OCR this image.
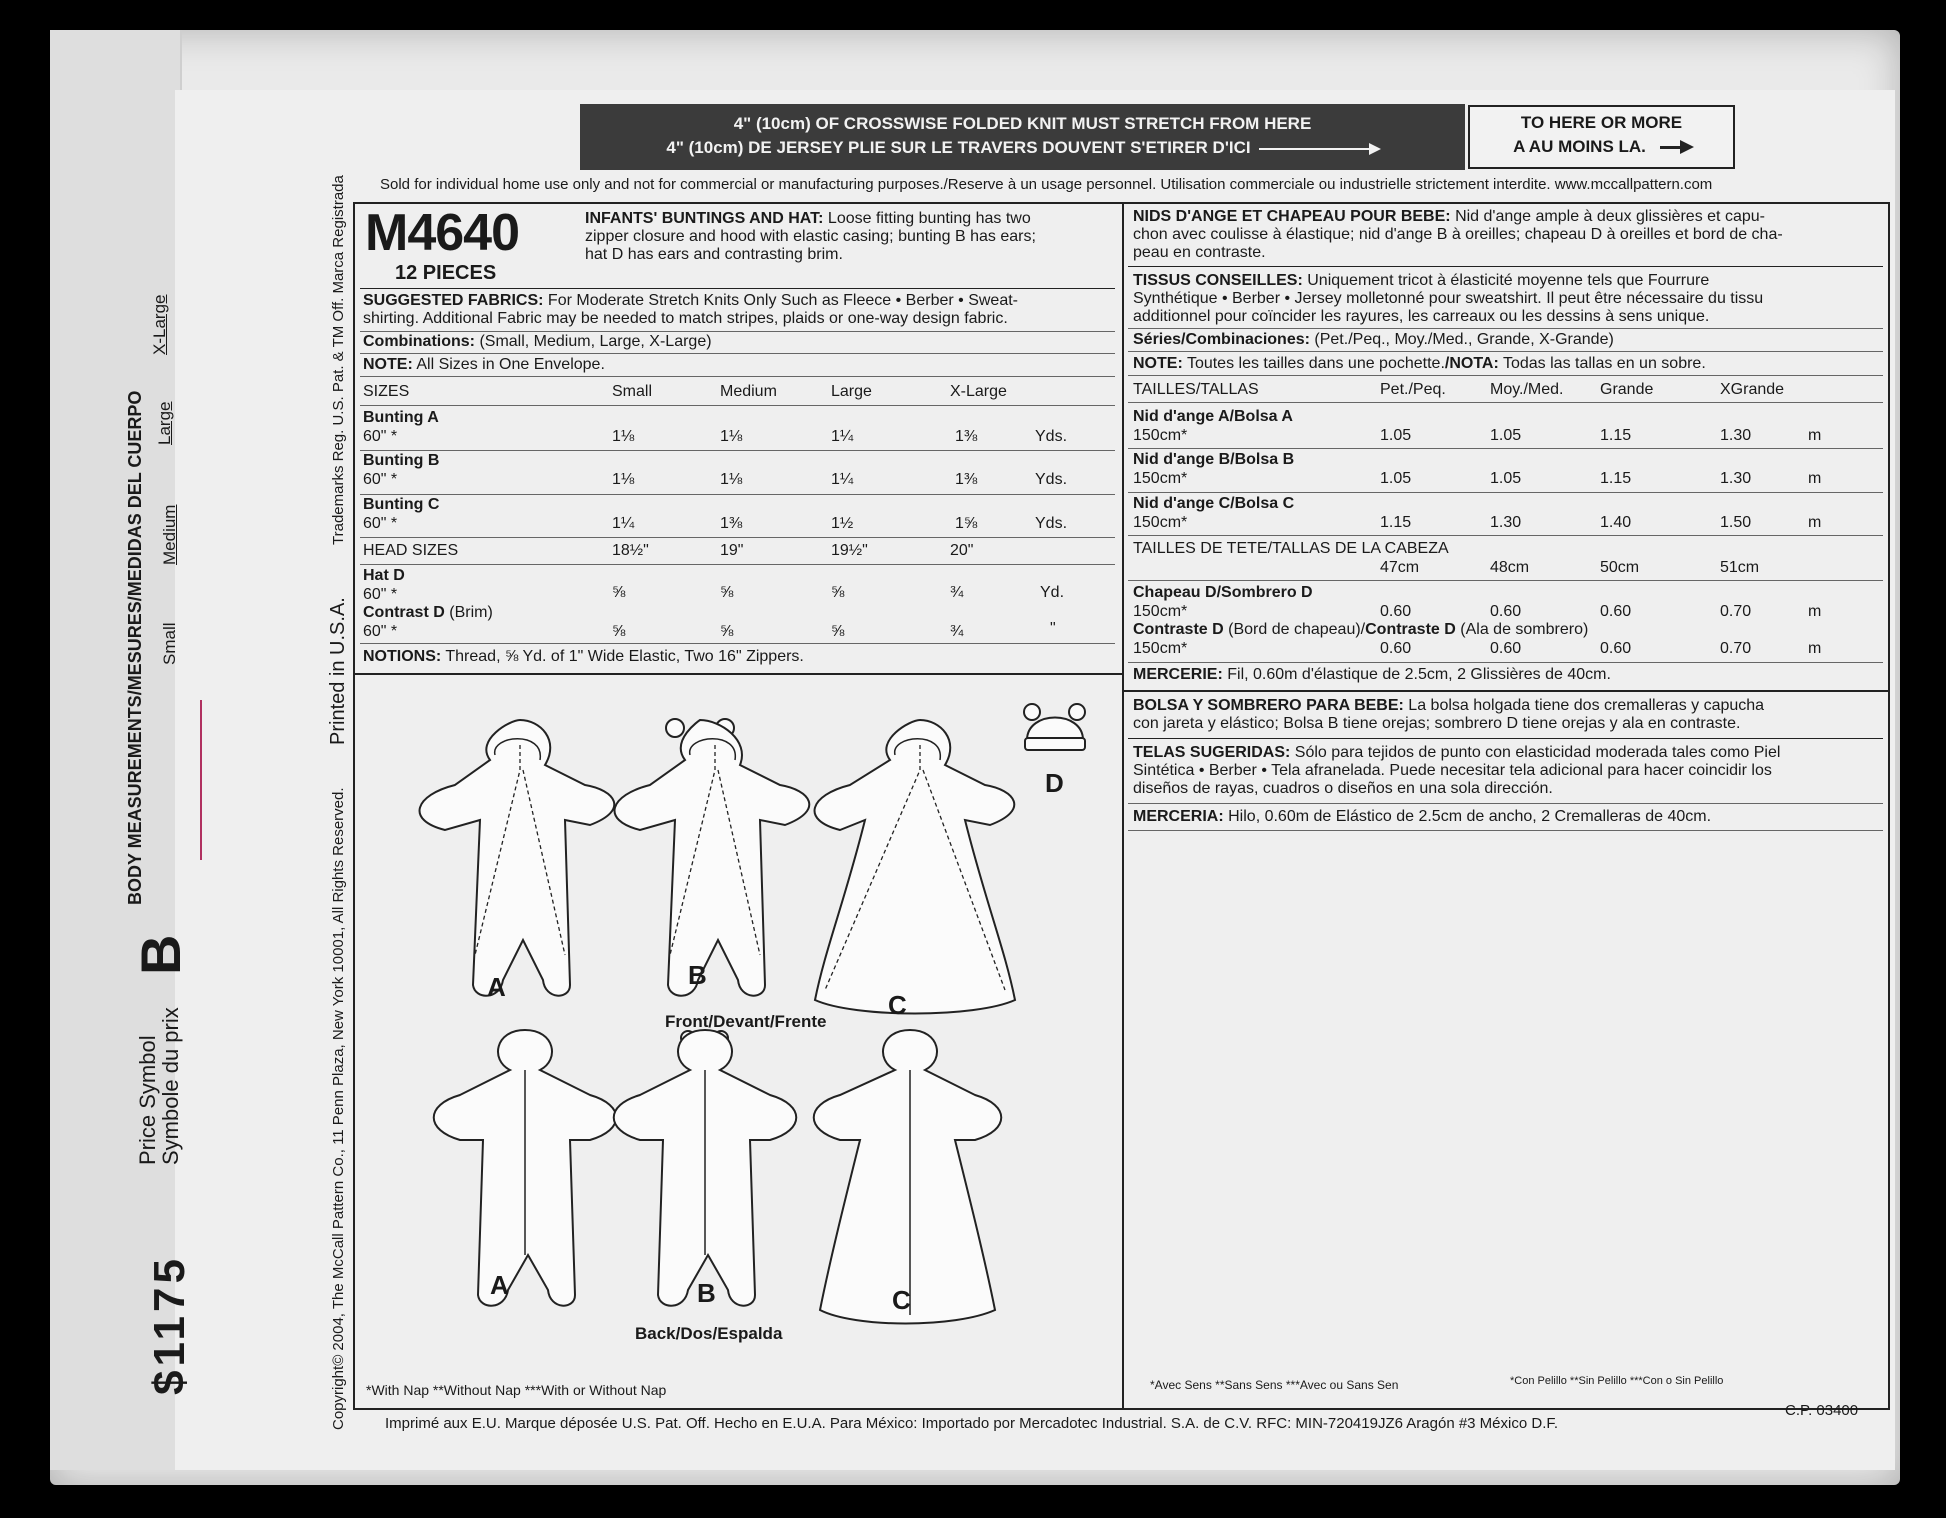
$1175
Price Symbol
Symbole du prix
B
BODY MEASUREMENTS/MESURES/MEDIDAS DEL CUERPO Small
Medium
Large
X-Large
Copyright© 2004, The McCall Pattern Co., 11 Penn Plaza, New York 10001, All Rights Reserved.
Printed in U.S.A.
Trademarks Reg. U.S. Pat. & TM Off. Marca Registrada
4" (10cm) OF CROSSWISE FOLDED KNIT MUST STRETCH FROM HERE
4" (10cm) DE JERSEY PLIE SUR LE TRAVERS DOUVENT S'ETIRER D'ICI
TO HERE OR MORE
A AU MOINS LA.
Sold for individual home use only and not for commercial or manufacturing purposes./Reserve à un usage personnel. Utilisation commerciale ou industrielle strictement interdite. www.mccallpattern.com
M4640
12 PIECES
INFANTS' BUNTINGS AND HAT: Loose fitting bunting has two
zipper closure and hood with elastic casing; bunting B has ears;
hat D has ears and contrasting brim.
SUGGESTED FABRICS: For Moderate Stretch Knits Only Such as Fleece • Berber • Sweat-
shirting. Additional Fabric may be needed to match stripes, plaids or one-way design fabric.
Combinations: (Small, Medium, Large, X-Large)
NOTE: All Sizes in One Envelope.
SIZES	Small	Medium	Large	X-Large
Bunting A
60" *	1⅛	1⅛	1¼	1⅜	Yds.
Bunting B
60" *	1⅛	1⅛	1¼	1⅜	Yds.
Bunting C
60" *	1¼	1⅜	1½	1⅝	Yds.
HEAD SIZES	18½"	19"	19½"	20"
Hat D
60" *	⅝	⅝	⅝	¾	Yd.
Contrast D (Brim)
60" *	⅝	⅝	⅝	¾	"
NOTIONS: Thread, ⅝ Yd. of 1" Wide Elastic, Two 16" Zippers.
NIDS D'ANGE ET CHAPEAU POUR BEBE: Nid d'ange ample à deux glissières et capu-
chon avec coulisse à élastique; nid d'ange B à oreilles; chapeau D à oreilles et bord de cha-
peau en contraste.
TISSUS CONSEILLES: Uniquement tricot à élasticité moyenne tels que Fourrure
Synthétique • Berber • Jersey molletonné pour sweatshirt. Il peut être nécessaire du tissu
additionnel pour coïncider les rayures, les carreaux ou les dessins à sens unique.
Séries/Combinaciones: (Pet./Peq., Moy./Med., Grande, X-Grande)
NOTE: Toutes les tailles dans une pochette./NOTA: Todas las tallas en un sobre.
TAILLES/TALLAS	Pet./Peq.	Moy./Med. Grande	XGrande
Nid d'ange A/Bolsa A
150cm*	1.05	1.05	1.15	1.30	m
Nid d'ange B/Bolsa B
150cm*	1.05	1.05	1.15	1.30	m
Nid d'ange C/Bolsa C
150cm*	1.15	1.30	1.40	1.50	m
TAILLES DE TETE/TALLAS DE LA CABEZA
47cm	48cm	50cm	51cm
Chapeau D/Sombrero D
150cm*	0.60	0.60	0.60	0.70	m
Contraste D (Bord de chapeau)/Contraste D (Ala de sombrero)
150cm*	0.60	0.60	0.60	0.70	m
MERCERIE: Fil, 0.60m d'élastique de 2.5cm, 2 Glissières de 40cm.
BOLSA Y SOMBRERO PARA BEBE: La bolsa holgada tiene dos cremalleras y capucha
con jareta y elástico; Bolsa B tiene orejas; sombrero D tiene orejas y ala en contraste.
TELAS SUGERIDAS: Sólo para tejidos de punto con elasticidad moderada tales como Piel
Sintética • Berber • Tela afranelada. Puede necesitar tela adicional para hacer coincidir los
diseños de rayas, cuadros o diseños en una sola dirección.
MERCERIA: Hilo, 0.60m de Elástico de 2.5cm de ancho, 2 Cremalleras de 40cm.
*Avec Sens **Sans Sens ***Avec ou Sans Sen	*Con Pelillo **Sin Pelillo ***Con o Sin Pelillo
A	B
C
D
Front/Devant/Frente
A	B	C
Back/Dos/Espalda
*With Nap **Without Nap ***With or Without Nap
Imprimé aux E.U. Marque déposée U.S. Pat. Off. Hecho en E.U.A. Para México: Importado por Mercadotec Industrial. S.A. de C.V. RFC: MIN-720419JZ6 Aragón #3 México D.F.
C.P. 03400
